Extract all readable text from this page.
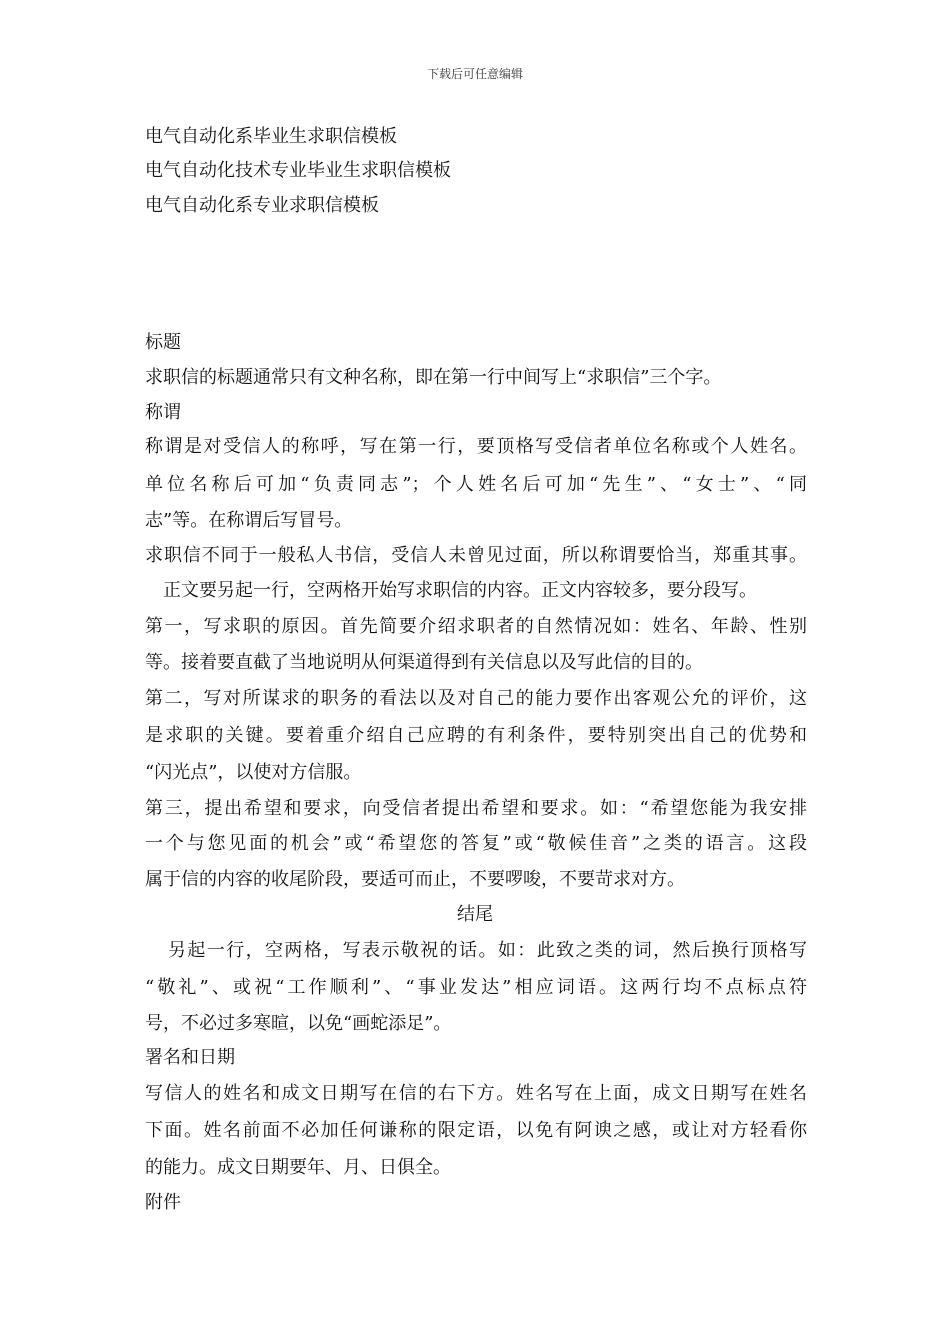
下载后可任意编辑
电气自动化系毕业生求职信模板
电气自动化技术专业毕业生求职信模板
电气自动化系专业求职信模板
标题
求职信的标题通常只有文种名称，即在第一行中间写上“求职信”三个字。
称谓
称谓是对受信人的称呼，写在第一行，要顶格写受信者单位名称或个人姓名。
单位名称后可加“负责同志”；个人姓名后可加“先生”、“女士”、“同
志”等。在称谓后写冒号。
求职信不同于一般私人书信，受信人未曾见过面，所以称谓要恰当，郑重其事。
正文要另起一行，空两格开始写求职信的内容。正文内容较多，要分段写。
第一，写求职的原因。首先简要介绍求职者的自然情况如：姓名、年龄、性别
等。接着要直截了当地说明从何渠道得到有关信息以及写此信的目的。
第二，写对所谋求的职务的看法以及对自己的能力要作出客观公允的评价，这
是求职的关键。要着重介绍自己应聘的有利条件，要特别突出自己的优势和
“闪光点”，以使对方信服。
第三，提出希望和要求，向受信者提出希望和要求。如：“希望您能为我安排
一个与您见面的机会”或“希望您的答复”或“敬候佳音”之类的语言。这段
属于信的内容的收尾阶段，要适可而止，不要啰唆，不要苛求对方。
结尾
另起一行，空两格，写表示敬祝的话。如：此致之类的词，然后换行顶格写
“敬礼”、或祝“工作顺利”、“事业发达”相应词语。这两行均不点标点符
号，不必过多寒暄，以免“画蛇添足”。
署名和日期
写信人的姓名和成文日期写在信的右下方。姓名写在上面，成文日期写在姓名
下面。姓名前面不必加任何谦称的限定语，以免有阿谀之感，或让对方轻看你
的能力。成文日期要年、月、日俱全。
附件
